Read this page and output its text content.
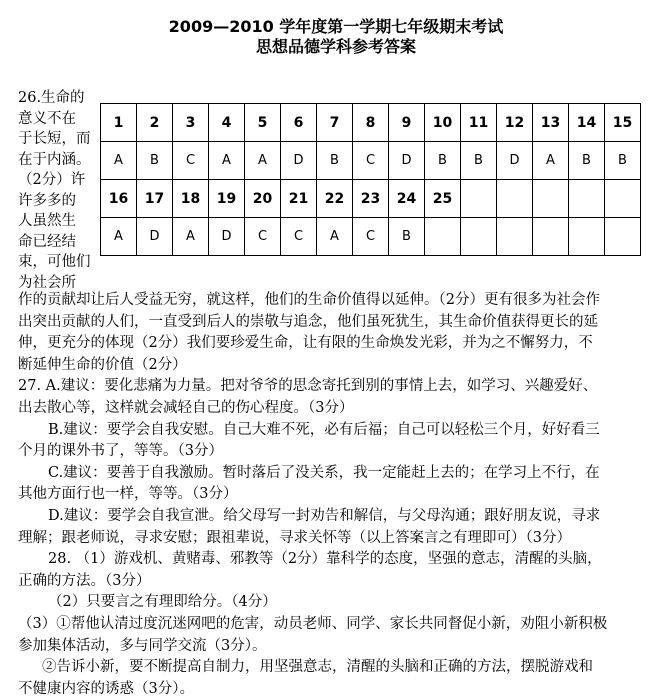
2009—2010 学年度第一学期七年级期末考试
思想品德学科参考答案
26.生命的
意义不在
于长短，而
在于内涵。
（2分）许
许多多的
人虽然生
命已经结
束，可他们
为社会所
1	2	3	4	5	6	7	8	9	10	11	12	13	14	15
A	B	C	A	A	D	B	C	D	B	B	D	A	B	B
16	17	18	19	20	21	22	23	24	25					
A	D	A	D	C	C	A	C	B						
作的贡献却让后人受益无穷，就这样，他们的生命价值得以延伸。（2分）更有很多为社会作
出突出贡献的人们，一直受到后人的崇敬与追念，他们虽死犹生，其生命价值获得更长的延
伸，更充分的体现（2分）我们要珍爱生命，让有限的生命焕发光彩，并为之不懈努力，不
断延伸生命的价值（2分）
27. A.建议：要化悲痛为力量。把对爷爷的思念寄托到别的事情上去，如学习、兴趣爱好、
出去散心等，这样就会减轻自己的伤心程度。（3分）
B.建议：要学会自我安慰。自己大难不死，必有后福；自己可以轻松三个月，好好看三
个月的课外书了，等等。（3分）
C.建议：要善于自我激励。暂时落后了没关系，我一定能赶上去的；在学习上不行，在
其他方面行也一样，等等。（3分）
D.建议：要学会自我宣泄。给父母写一封劝告和解信，与父母沟通；跟好朋友说，寻求
理解；跟老师说，寻求安慰；跟祖辈说，寻求关怀等（以上答案言之有理即可）（3分）
28. （1）游戏机、黄赌毒、邪教等（2分）靠科学的态度，坚强的意志，清醒的头脑，
正确的方法。（3分）
（2）只要言之有理即给分。（4分）
（3）①帮他认清过度沉迷网吧的危害，动员老师、同学、家长共同督促小新，劝阻小新积极
参加集体活动，多与同学交流（3分）。
②告诉小新，要不断提高自制力，用坚强意志，清醒的头脑和正确的方法，摆脱游戏和
不健康内容的诱惑（3分）。
